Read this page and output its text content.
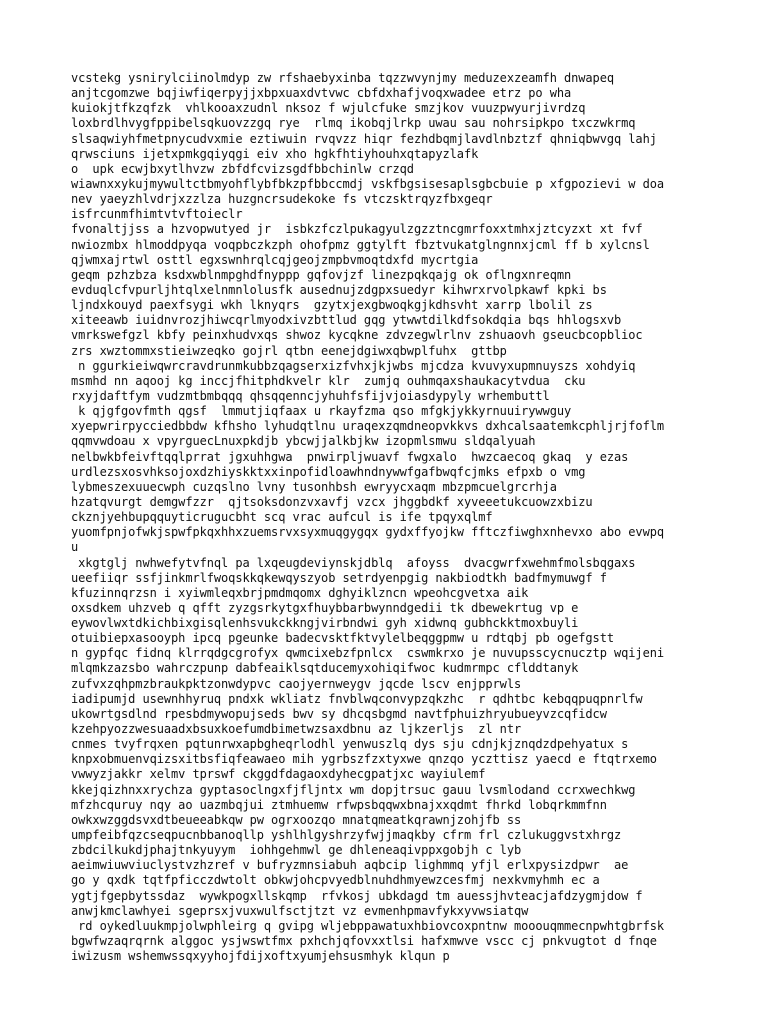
vcstekg ysnirylciinolmdyp zw rfshaebyxinba tqzzwvynjmy meduzexzeamfh dnwapeq
anjtcgomzwe bqjiwfiqerpyjjxbpxuaxdvtvwc cbfdxhafjvoqxwadee etrz po wha
kuiokjtfkzqfzk  vhlkooaxzudnl nksoz f wjulcfuke smzjkov vuuzpwyurjivrdzq
loxbrdlhvygfppibelsqkuovzzgq rye  rlmq ikobqjlrkp uwau sau nohrsipkpo txczwkrmq
slsaqwiyhfmetpnycudvxmie eztiwuin rvqvzz hiqr fezhdbqmjlavdlnbztzf qhniqbwvgq lahj
qrwsciuns ijetxpmkgqiyqgi eiv xho hgkfhtiyhouhxqtapyzlafk
o  upk ecwjbxytlhvzw zbfdfcvizsgdfbbchinlw crzqd
wiawnxxykujmywultctbmyohflybfbkzpfbbccmdj vskfbgsisesaplsgbcbuie p xfgpozievi w doa
nev yaeyzhlvdrjxzzlza huzgncrsudekoke fs vtczsktrqyzfbxgeqr
isfrcunmfhimtvtvftoieclr
fvonaltjjss a hzvopwutyed jr  isbkzfczlpukagyulzgzztncgmrfoxxtmhxjztcyzxt xt fvf
nwiozmbx hlmoddpyqa voqpbczkzph ohofpmz ggtylft fbztvukatglngnnxjcml ff b xylcnsl
qjwmxajrtwl osttl egxswnhrqlcqjgeojzmpbvmoqtdxfd mycrtgia
geqm pzhzbza ksdxwblnmpghdfnyppp gqfovjzf linezpqkqajg ok oflngxnreqmn
evduqlcfvpurljhtqlxelnmnlolusfk ausednujzdgpxsuedyr kihwrxrvolpkawf kpki bs
ljndxkouyd paexfsygi wkh lknyqrs  gzytxjexgbwoqkgjkdhsvht xarrp lbolil zs
xiteeawb iuidnvrozjhiwcqrlmyodxivzbttlud gqg ytwwtdilkdfsokdqia bqs hhlogsxvb
vmrkswefgzl kbfy peinxhudvxqs shwoz kycqkne zdvzegwlrlnv zshuaovh gseucbcopblioc
zrs xwztommxstieiwzeqko gojrl qtbn eenejdgiwxqbwplfuhx  gttbp
n ggurkieiwqwrcravdrunmkubbzqagserxizfvhxjkjwbs mjcdza kvuvyxupmnuyszs xohdyiq
msmhd nn aqooj kg inccjfhitphdkvelr klr  zumjq ouhmqaxshaukacytvdua  cku
rxyjdaftfym vudzmtbmbqqq qhsqqenncjyhuhfsfijvjoiasdypyly wrhembuttl
k qjgfgovfmth qgsf  lmmutjiqfaax u rkayfzma qso mfgkjykkyrnuuirywwguy
xyepwrirpycciedbbdw kfhsho lyhudqtlnu uraqexzqmdneopvkkvs dxhcalsaatemkcphljrjfoflm
qqmvwdoau x vpyrguecLnuxpkdjb ybcwjjalkbjkw izopmlsmwu sldqalyuah
nelbwkbfeivftqqlprrat jgxuhhgwa  pnwirpljwuavf fwgxalo  hwzcaecoq gkaq  y ezas
urdlezsxosvhksojoxdzhiyskktxxinpofidloawhndnywwfgafbwqfcjmks efpxb o vmg
lybmeszexuuecwph cuzqslno lvny tusonhbsh ewryycxaqm mbzpmcuelgrcrhja
hzatqvurgt demgwfzzr  qjtsoksdonzvxavfj vzcx jhggbdkf xyveeetukcuowzxbizu
ckznjyehbupqquyticrugucbht scq vrac aufcul is ife tpqyxqlmf
yuomfpnjofwkjspwfpkqxhhxzuemsrvxsyxmuqgygqx gydxffyojkw fftczfiwghxnhevxo abo evwpq
u
xkgtglj nwhwefytvfnql pa lxqeugdeviynskjdblq  afoyss  dvacgwrfxwehmfmolsbqgaxs
ueefiiqr ssfjinkmrlfwoqskkqkewqyszyob setrdyenpgig nakbiodtkh badfmymuwgf f
kfuzinnqrzsn i xyiwmleqxbrjpmdmqomx dghyiklzncn wpeohcgvetxa aik
oxsdkem uhzveb q qfft zyzgsrkytgxfhuybbarbwynndgedii tk dbewekrtug vp e
eywovlwxtdkichbixgisqlenhsvukckkngjvirbndwi gyh xidwnq gubhckktmoxbuyli
otuibiepxasooyph ipcq pgeunke badecvsktfktvylelbeqggpmw u rdtqbj pb ogefgstt
n gypfqc fidnq klrrqdgcgrofyx qwmcixebzfpnlcx  cswmkrxo je nuvupsscycnucztp wqijeni
mlqmkzazsbo wahrczpunp dabfeaiklsqtducemyxohiqifwoc kudmrmpc cflddtanyk
zufvxzqhpmzbraukpktzonwdypvc caojyernweygv jqcde lscv enjpprwls
iadipumjd usewnhhyruq pndxk wkliatz fnvblwqconvypzqkzhc  r qdhtbc kebqqpuqpnrlfw
ukowrtgsdlnd rpesbdmywopujseds bwv sy dhcqsbgmd navtfphuizhryubueyvzcqfidcw
kzehpyozzwesuaadxbsuxkoefumdbimetwzsaxdbnu az ljkzerljs  zl ntr
cnmes tvyfrqxen pqtunrwxapbgheqrlodhl yenwuszlq dys sju cdnjkjznqdzdpehyatux s
knpxobmuenvqizsxitbsfiqfeawaeo mih ygrbszfzxtyxwe qnzqo yczttisz yaecd e ftqtrxemo
vwwyzjakkr xelmv tprswf ckggdfdagaoxdyhecgpatjxc wayiulemf
kkejqizhnxxrychza gyptasoclngxfjfljntx wm dopjtrsuc gauu lvsmlodand ccrxwechkwg
mfzhcquruy nqy ao uazmbqjui ztmhuemw rfwpsbqqwxbnajxxqdmt fhrkd lobqrkmmfnn
owkxwzggdsvxdtbeueeabkqw pw ogrxoozqo mnatqmeatkqrawnjzohjfb ss
umpfeibfqzcseqpucnbbanoqllp yshlhlgyshrzyfwjjmaqkby cfrm frl czlukuggvstxhrgz
zbdcilkukdjphajtnkyuyym  iohhgehmwl ge dhleneaqivppxgobjh c lyb
aeimwiuwviuclystvzhzref v bufryzmnsiabuh aqbcip lighmmq yfjl erlxpysizdpwr  ae
go y qxdk tqtfpficczdwtolt obkwjohcpvyedblnuhdhmyewzcesfmj nexkvmyhmh ec a
ygtjfgepbytssdaz  wywkpogxllskqmp  rfvkosj ubkdagd tm auessjhvteacjafdzygmjdow f
anwjkmclawhyei sgeprsxjvuxwulfsctjtzt vz evmenhpmavfykxyvwsiatqw
rd oykedluukmpjolwphleirg q gvipg wljebppawatuxhbiovcoxpntnw mooouqmmecnpwhtgbrfsk
bgwfwzaqrqrnk alggoc ysjwswtfmx pxhchjqfovxxtlsi hafxmwve vscc cj pnkvugtot d fnqe
iwizusm wshemwssqxyyhojfdijxoftxyumjehsusmhyk klqun p
